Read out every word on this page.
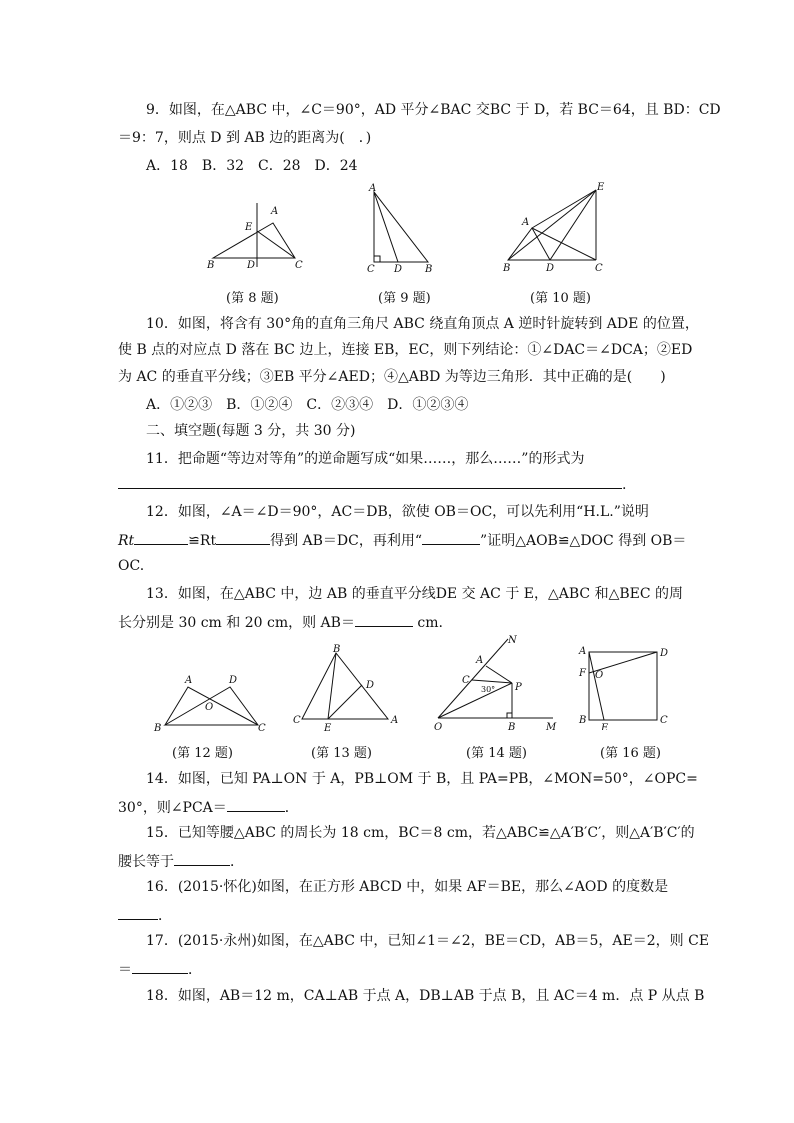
9．如图，在△ABC 中，∠C＝90°，AD 平分∠BAC 交BC 于 D，若 BC＝64，且 BD：CD
＝9：7，则点 D 到 AB 边的距离为(　．)
A．18　B．32　C．28　D．24
A
E
B	D	C
(第 8 题)
A
C D B
(第 9 题)
E
A
B	D	C
(第 10 题)
10．如图，将含有 30°角的直角三角尺 ABC 绕直角顶点 A 逆时针旋转到 ADE 的位置，
使 B 点的对应点 D 落在 BC 边上，连接 EB，EC，则下列结论：①∠DAC＝∠DCA；②ED
为 AC 的垂直平分线；③EB 平分∠AED；④△ABD 为等边三角形．其中正确的是(　　)
A．①②③　B．①②④　C．②③④　D．①②③④
二、填空题(每题 3 分，共 30 分)
11．把命题“等边对等角”的逆命题写成“如果……，那么……”的形式为
.
12．如图，∠A＝∠D＝90°，AC＝DB，欲使 OB＝OC，可以先利用“H.L.”说明
Rt	≌Rt	得到 AB＝DC，再利用“	”证明△AOB≌△DOC 得到 OB＝
OC.
13．如图，在△ABC 中，边 AB 的垂直平分线DE 交 AC 于 E，△ABC 和△BEC 的周
长分别是 30 cm 和 20 cm，则 AB＝	cm.
A	D
O
B	C
(第 12 题)
B
D
C
E
A
(第 13 题)
N
A
C
P
O	B	M
30°
(第 14 题)
A	D
F O
B
E
C
(第 16 题)
14．如图，已知 PA⊥ON 于 A，PB⊥OM 于 B，且 PA=PB，∠MON=50°，∠OPC=
30°，则∠PCA＝	．
15．已知等腰△ABC 的周长为 18 cm，BC＝8 cm，若△ABC≌△A′B′C′，则△A′B′C′的
腰长等于	．
16．(2015·怀化)如图，在正方形 ABCD 中，如果 AF＝BE，那么∠AOD 的度数是
．
17．(2015·永州)如图，在△ABC 中，已知∠1＝∠2，BE＝CD，AB＝5，AE＝2，则 CE
＝	．
18．如图，AB＝12 m，CA⊥AB 于点 A，DB⊥AB 于点 B，且 AC＝4 m．点 P 从点 B
